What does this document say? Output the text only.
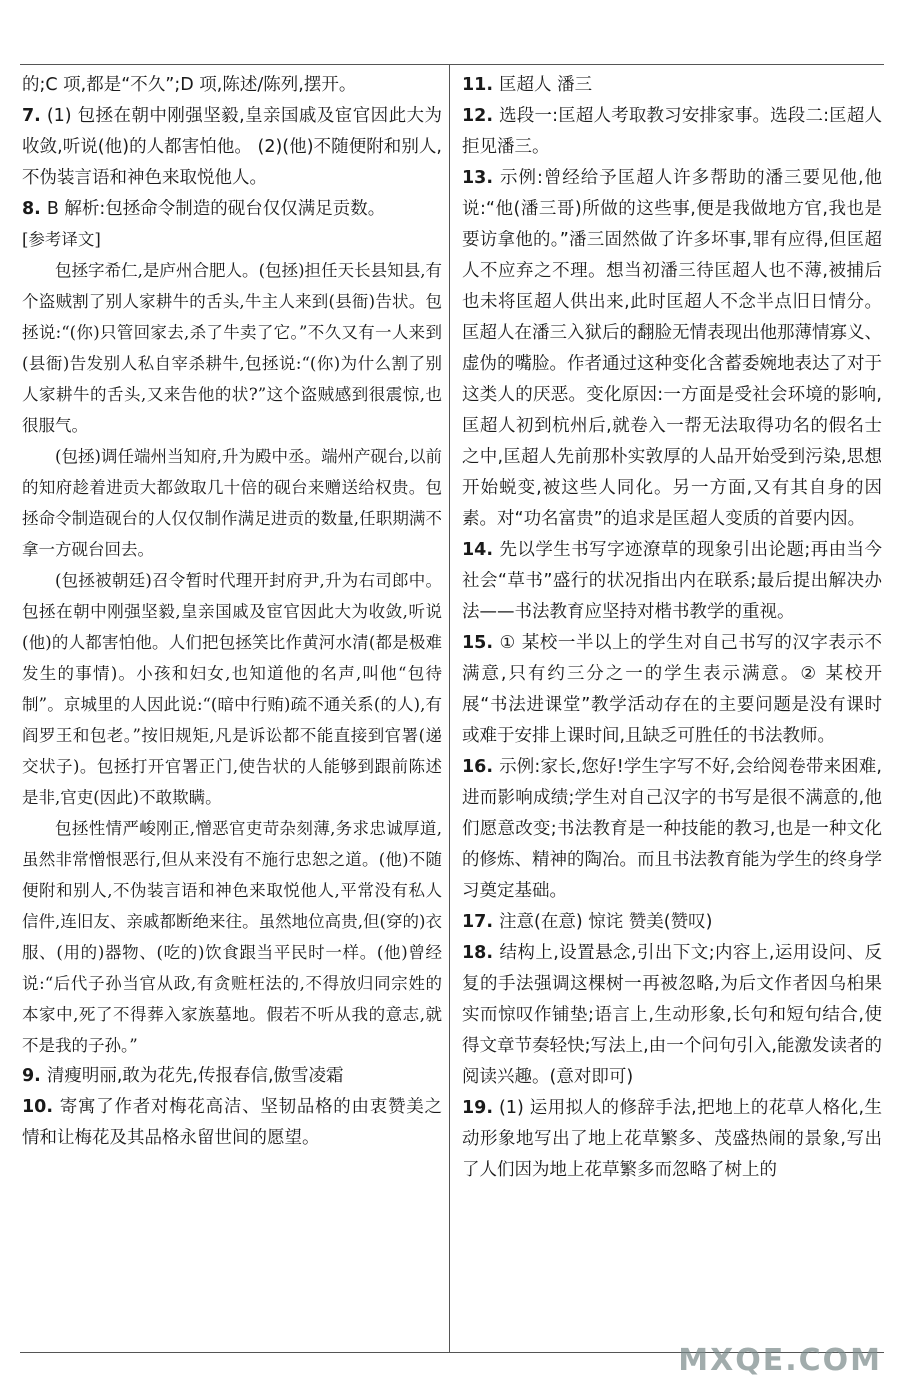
的;C 项,都是“不久”;D 项,陈述/陈列,摆开。

7. (1) 包拯在朝中刚强坚毅,皇亲国戚及宦官因此大为收敛,听说(他)的人都害怕他。 (2)(他)不随便附和别人,不伪装言语和神色来取悦他人。

8. B 解析:包拯命令制造的砚台仅仅满足贡数。

[参考译文]

包拯字希仁,是庐州合肥人。(包拯)担任天长县知县,有个盗贼割了别人家耕牛的舌头,牛主人来到(县衙)告状。包拯说:“(你)只管回家去,杀了牛卖了它。”不久又有一人来到(县衙)告发别人私自宰杀耕牛,包拯说:“(你)为什么割了别人家耕牛的舌头,又来告他的状?”这个盗贼感到很震惊,也很服气。

(包拯)调任端州当知府,升为殿中丞。端州产砚台,以前的知府趁着进贡大都敛取几十倍的砚台来赠送给权贵。包拯命令制造砚台的人仅仅制作满足进贡的数量,任职期满不拿一方砚台回去。

(包拯被朝廷)召令暂时代理开封府尹,升为右司郎中。包拯在朝中刚强坚毅,皇亲国戚及宦官因此大为收敛,听说(他)的人都害怕他。人们把包拯笑比作黄河水清(都是极难发生的事情)。小孩和妇女,也知道他的名声,叫他“包待制”。京城里的人因此说:“(暗中行贿)疏不通关系(的人),有阎罗王和包老。”按旧规矩,凡是诉讼都不能直接到官署(递交状子)。包拯打开官署正门,使告状的人能够到跟前陈述是非,官吏(因此)不敢欺瞒。

包拯性情严峻刚正,憎恶官吏苛杂刻薄,务求忠诚厚道,虽然非常憎恨恶行,但从来没有不施行忠恕之道。(他)不随便附和别人,不伪装言语和神色来取悦他人,平常没有私人信件,连旧友、亲戚都断绝来往。虽然地位高贵,但(穿的)衣服、(用的)器物、(吃的)饮食跟当平民时一样。(他)曾经说:“后代子孙当官从政,有贪赃枉法的,不得放归同宗姓的本家中,死了不得葬入家族墓地。假若不听从我的意志,就不是我的子孙。”

9. 清瘦明丽,敢为花先,传报春信,傲雪凌霜

10. 寄寓了作者对梅花高洁、坚韧品格的由衷赞美之情和让梅花及其品格永留世间的愿望。

11. 匡超人 潘三

12. 选段一:匡超人考取教习安排家事。选段二:匡超人拒见潘三。

13. 示例:曾经给予匡超人许多帮助的潘三要见他,他说:“他(潘三哥)所做的这些事,便是我做地方官,我也是要访拿他的。”潘三固然做了许多坏事,罪有应得,但匡超人不应弃之不理。想当初潘三待匡超人也不薄,被捕后也未将匡超人供出来,此时匡超人不念半点旧日情分。匡超人在潘三入狱后的翻脸无情表现出他那薄情寡义、虚伪的嘴脸。作者通过这种变化含蓄委婉地表达了对于这类人的厌恶。变化原因:一方面是受社会环境的影响,匡超人初到杭州后,就卷入一帮无法取得功名的假名士之中,匡超人先前那朴实敦厚的人品开始受到污染,思想开始蜕变,被这些人同化。另一方面,又有其自身的因素。对“功名富贵”的追求是匡超人变质的首要内因。

14. 先以学生书写字迹潦草的现象引出论题;再由当今社会“草书”盛行的状况指出内在联系;最后提出解决办法——书法教育应坚持对楷书教学的重视。

15. ① 某校一半以上的学生对自己书写的汉字表示不满意,只有约三分之一的学生表示满意。② 某校开展“书法进课堂”教学活动存在的主要问题是没有课时或难于安排上课时间,且缺乏可胜任的书法教师。

16. 示例:家长,您好!学生字写不好,会给阅卷带来困难,进而影响成绩;学生对自己汉字的书写是很不满意的,他们愿意改变;书法教育是一种技能的教习,也是一种文化的修炼、精神的陶冶。而且书法教育能为学生的终身学习奠定基础。

17. 注意(在意) 惊诧 赞美(赞叹)

18. 结构上,设置悬念,引出下文;内容上,运用设问、反复的手法强调这棵树一再被忽略,为后文作者因乌桕果实而惊叹作铺垫;语言上,生动形象,长句和短句结合,使得文章节奏轻快;写法上,由一个问句引入,能激发读者的阅读兴趣。(意对即可)

19. (1) 运用拟人的修辞手法,把地上的花草人格化,生动形象地写出了地上花草繁多、茂盛热闹的景象,写出了人们因为地上花草繁多而忽略了树上的

MXQE.COM
